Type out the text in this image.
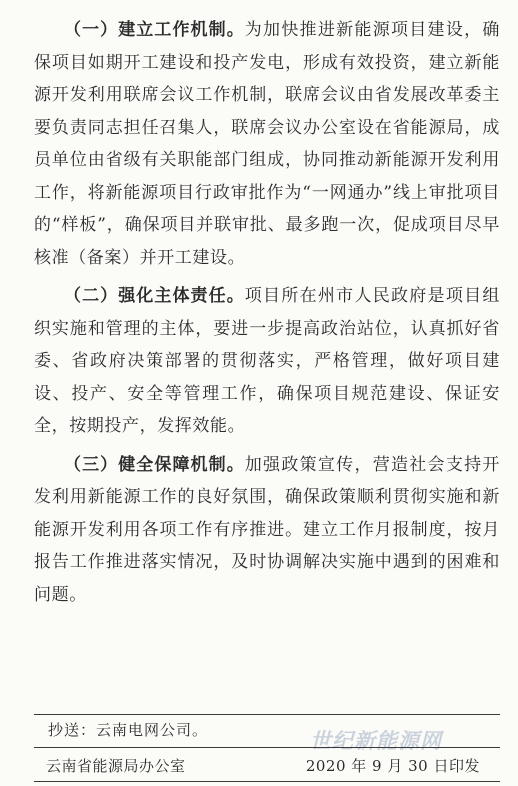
（一）建立工作机制。为加快推进新能源项目建设，确保项目如期开工建设和投产发电，形成有效投资，建立新能源开发利用联席会议工作机制，联席会议由省发展改革委主要负责同志担任召集人，联席会议办公室设在省能源局，成员单位由省级有关职能部门组成，协同推动新能源开发利用工作，将新能源项目行政审批作为“一网通办”线上审批项目的“样板”，确保项目并联审批、最多跑一次，促成项目尽早核准（备案）并开工建设。

（二）强化主体责任。项目所在州市人民政府是项目组织实施和管理的主体，要进一步提高政治站位，认真抓好省委、省政府决策部署的贯彻落实，严格管理，做好项目建设、投产、安全等管理工作，确保项目规范建设、保证安全，按期投产，发挥效能。

（三）健全保障机制。加强政策宣传，营造社会支持开发利用新能源工作的良好氛围，确保政策顺利贯彻实施和新能源开发利用各项工作有序推进。建立工作月报制度，按月报告工作推进落实情况，及时协调解决实施中遇到的困难和问题。

抄送：云南电网公司。	世纪新能源网
云南省能源局办公室	2020 年 9 月 30 日印发
